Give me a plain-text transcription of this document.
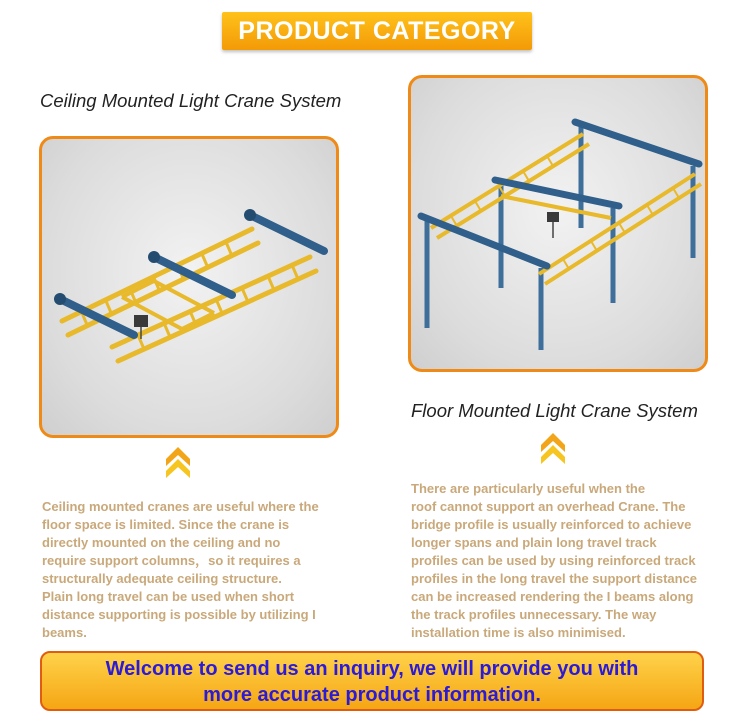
PRODUCT CATEGORY
Ceiling Mounted Light Crane System
Floor Mounted Light Crane System
Ceiling mounted cranes are useful where the
floor space is limited. Since the crane is
directly mounted on the ceiling and no
require support columns，so it requires a
structurally adequate ceiling structure.
Plain long travel can be used when short
distance supporting is possible by utilizing I
beams.
There are particularly useful when the
roof cannot support an overhead Crane. The
bridge profile is usually reinforced to achieve
longer spans and plain long travel track
profiles can be used by using reinforced track
profiles in the long travel the support distance
can be increased rendering the I beams along
the track profiles unnecessary. The way
installation time is also minimised.
Welcome to send us an inquiry, we will provide you with
more accurate product information.
